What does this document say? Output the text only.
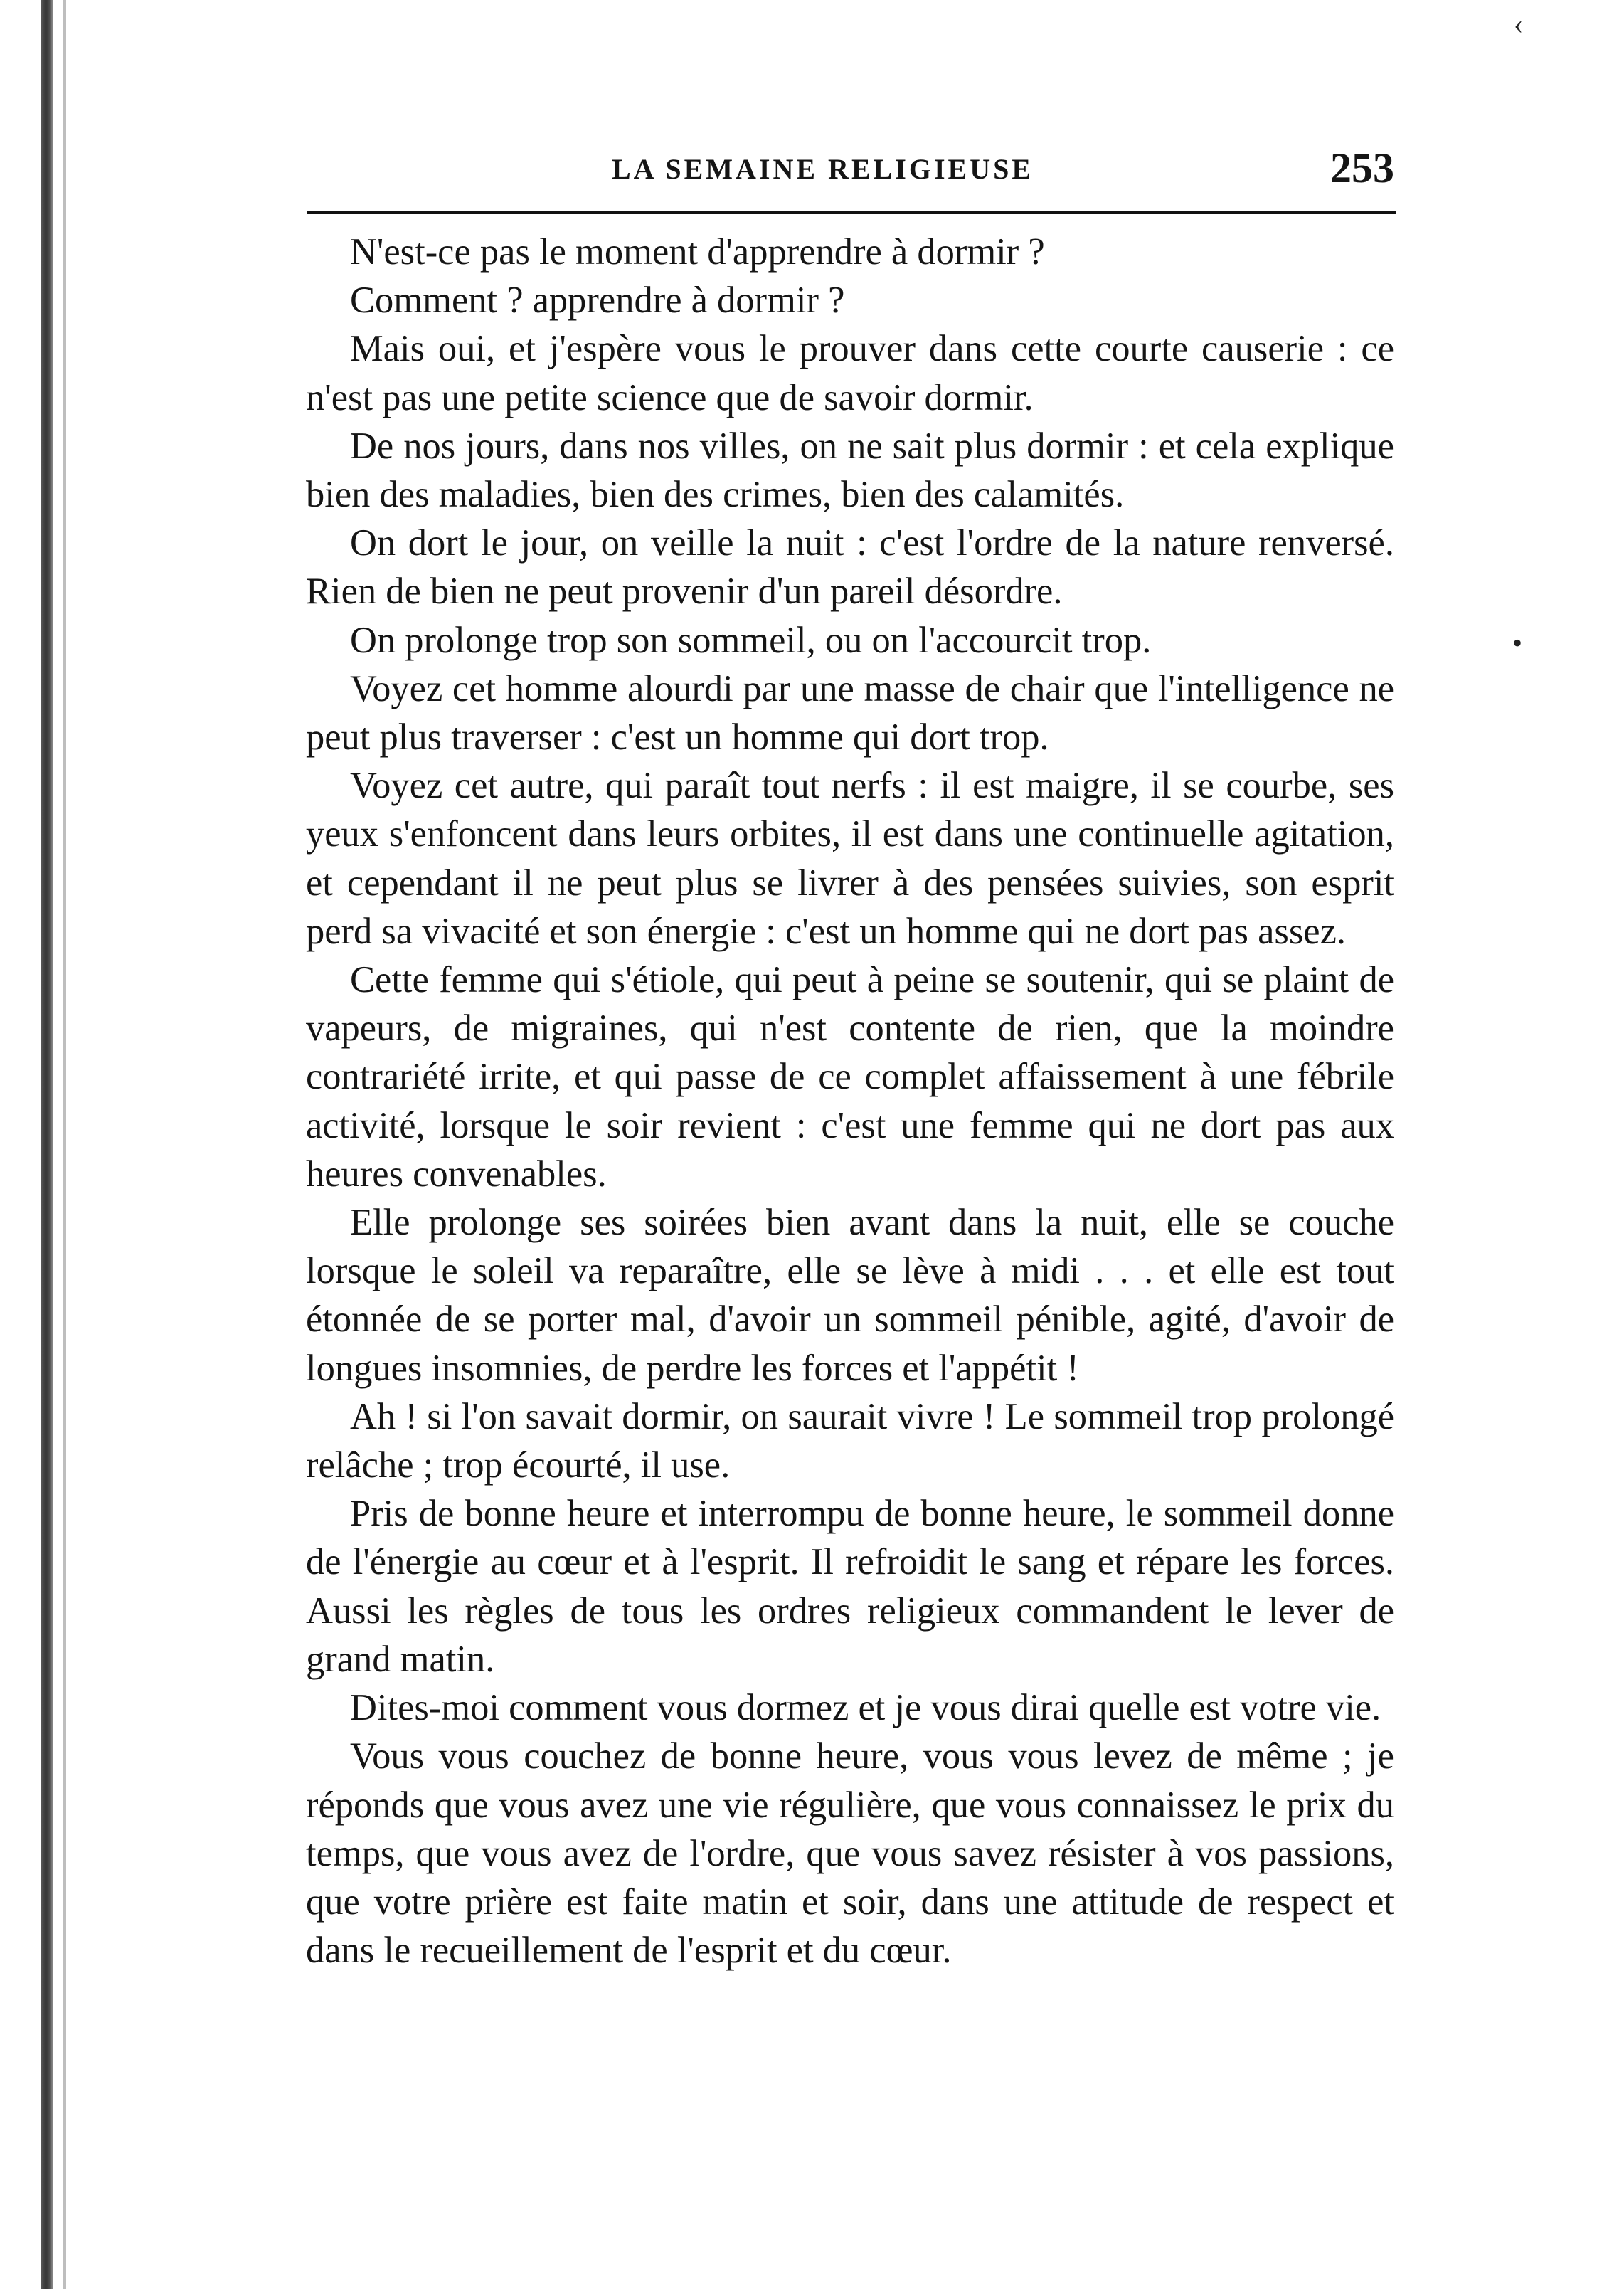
LA SEMAINE RELIGIEUSE	253

N'est-ce pas le moment d'apprendre à dormir ?

Comment ? apprendre à dormir ?

Mais oui, et j'espère vous le prouver dans cette courte causerie : ce n'est pas une petite science que de savoir dormir.

De nos jours, dans nos villes, on ne sait plus dormir : et cela explique bien des maladies, bien des crimes, bien des calamités.

On dort le jour, on veille la nuit : c'est l'ordre de la nature renversé. Rien de bien ne peut provenir d'un pareil désordre.

On prolonge trop son sommeil, ou on l'accourcit trop.

Voyez cet homme alourdi par une masse de chair que l'intelligence ne peut plus traverser : c'est un homme qui dort trop.

Voyez cet autre, qui paraît tout nerfs : il est maigre, il se courbe, ses yeux s'enfoncent dans leurs orbites, il est dans une continuelle agitation, et cependant il ne peut plus se livrer à des pensées suivies, son esprit perd sa vivacité et son énergie : c'est un homme qui ne dort pas assez.

Cette femme qui s'étiole, qui peut à peine se soutenir, qui se plaint de vapeurs, de migraines, qui n'est contente de rien, que la moindre contrariété irrite, et qui passe de ce complet affaissement à une fébrile activité, lorsque le soir revient : c'est une femme qui ne dort pas aux heures convenables.

Elle prolonge ses soirées bien avant dans la nuit, elle se couche lorsque le soleil va reparaître, elle se lève à midi . . . et elle est tout étonnée de se porter mal, d'avoir un sommeil pénible, agité, d'avoir de longues insomnies, de perdre les forces et l'appétit !

Ah ! si l'on savait dormir, on saurait vivre ! Le sommeil trop prolongé relâche ; trop écourté, il use.

Pris de bonne heure et interrompu de bonne heure, le sommeil donne de l'énergie au cœur et à l'esprit. Il refroidit le sang et répare les forces. Aussi les règles de tous les ordres religieux commandent le lever de grand matin.

Dites-moi comment vous dormez et je vous dirai quelle est votre vie.

Vous vous couchez de bonne heure, vous vous levez de même ; je réponds que vous avez une vie régulière, que vous connaissez le prix du temps, que vous avez de l'ordre, que vous savez résister à vos passions, que votre prière est faite matin et soir, dans une attitude de respect et dans le recueillement de l'esprit et du cœur.

‹
•
